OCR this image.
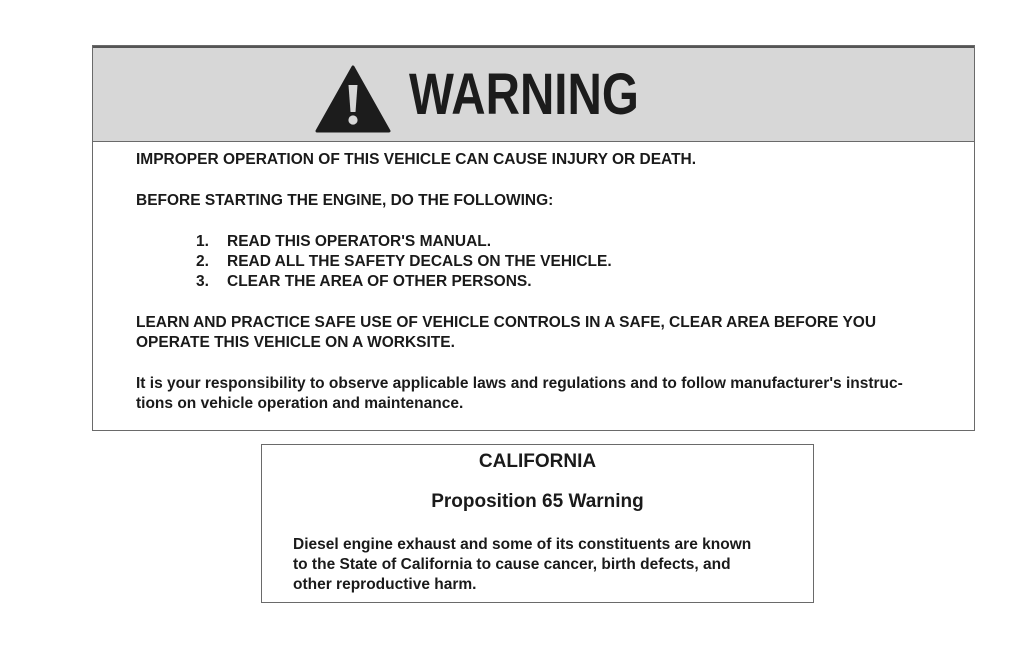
WARNING
IMPROPER OPERATION OF THIS VEHICLE CAN CAUSE INJURY OR DEATH.
BEFORE STARTING THE ENGINE, DO THE FOLLOWING:
1. READ THIS OPERATOR'S MANUAL.
2. READ ALL THE SAFETY DECALS ON THE VEHICLE.
3. CLEAR THE AREA OF OTHER PERSONS.
LEARN AND PRACTICE SAFE USE OF VEHICLE CONTROLS IN A SAFE, CLEAR AREA BEFORE YOU
OPERATE THIS VEHICLE ON A WORKSITE.
It is your responsibility to observe applicable laws and regulations and to follow manufacturer's instruc-
tions on vehicle operation and maintenance.
CALIFORNIA
Proposition 65 Warning
Diesel engine exhaust and some of its constituents are known
to the State of California to cause cancer, birth defects, and
other reproductive harm.
